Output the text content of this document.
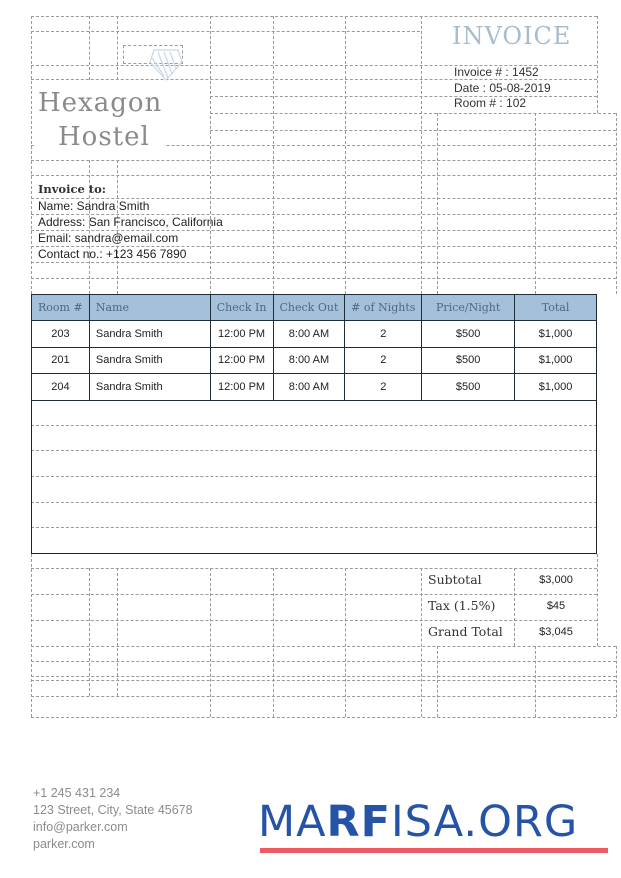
Hexagon
Hostel
INVOICE
Invoice # : 1452
Date : 05-08-2019
Room # : 102
Invoice to:
Name: Sandra Smith
Address: San Francisco, California
Email: sandra@email.com
Contact no.: +123 456 7890
Room #	Name	Check In	Check Out	# of Nights	Price/Night	Total
203	Sandra Smith	12:00 PM	8:00 AM	2	$500	$1,000
201	Sandra Smith	12:00 PM	8:00 AM	2	$500	$1,000
204	Sandra Smith	12:00 PM	8:00 AM	2	$500	$1,000
Subtotal	$3,000
Tax (1.5%)	$45
Grand Total	$3,045
+1 245 431 234
123 Street, City, State 45678
info@parker.com
parker.com	MARFISA.ORG
